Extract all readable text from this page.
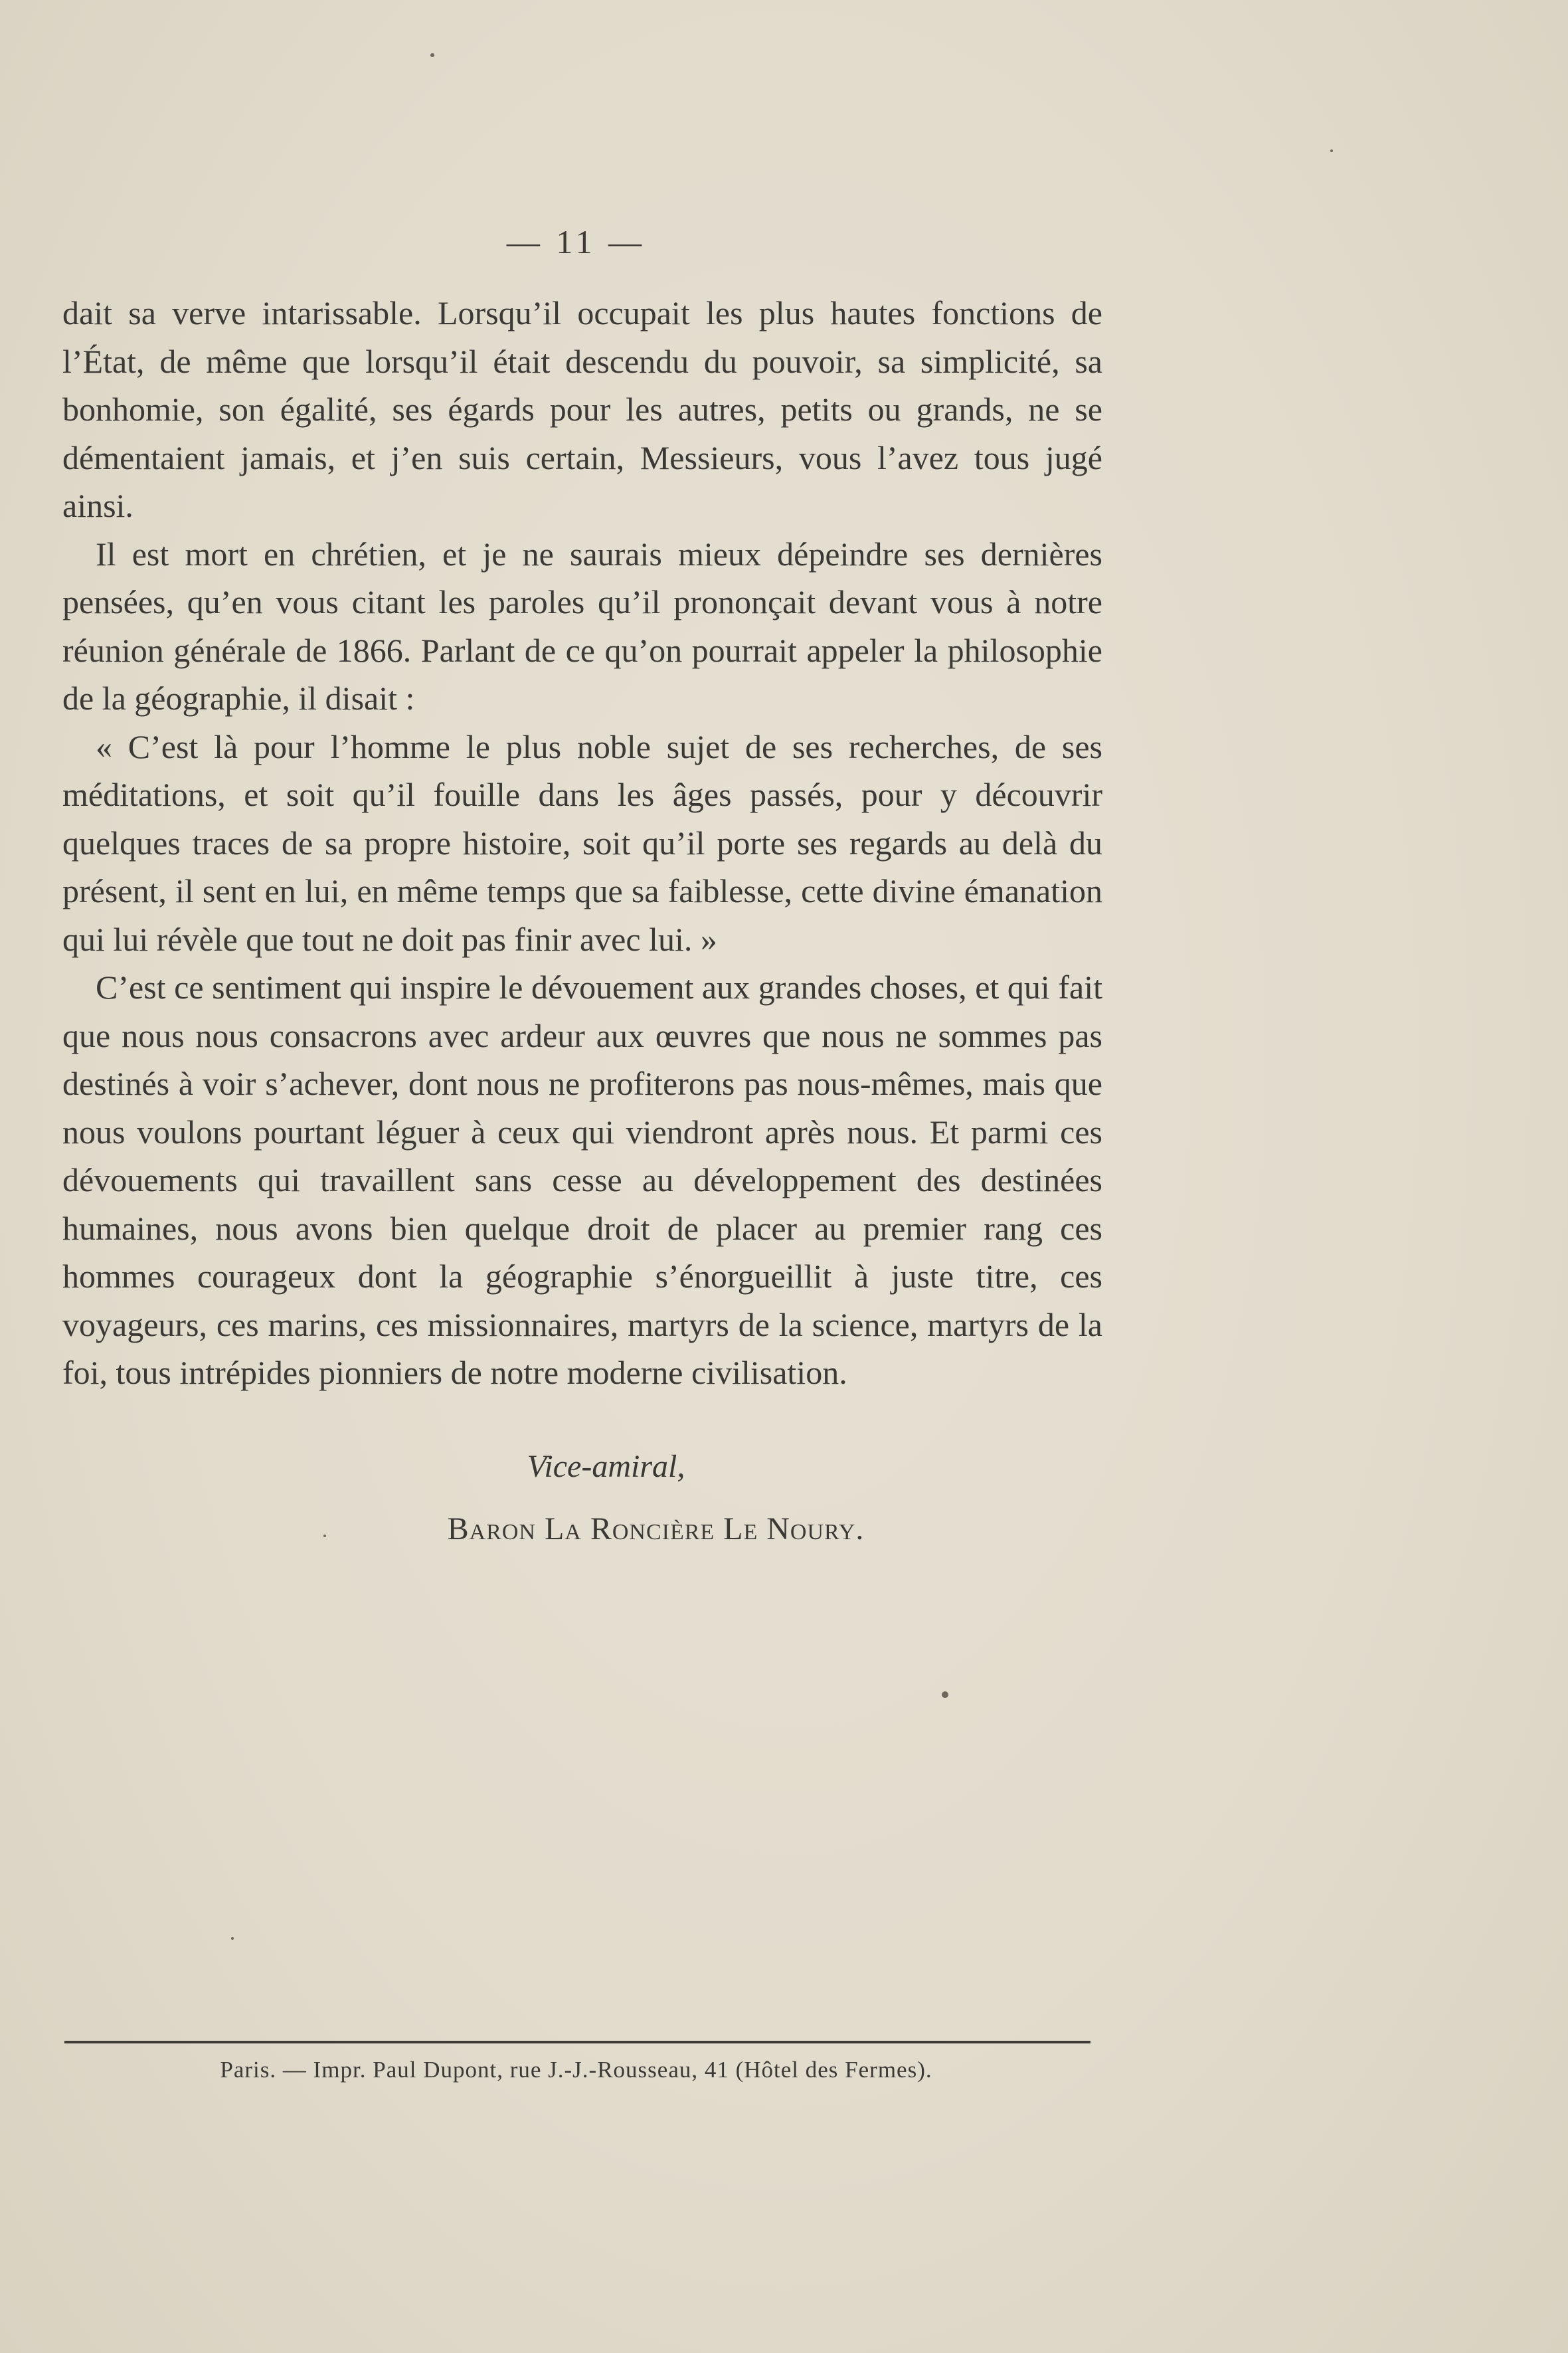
— 11 —

dait sa verve intarissable. Lorsqu’il occupait les plus hautes fonctions de l’État, de même que lorsqu’il était descendu du pouvoir, sa simplicité, sa bonhomie, son égalité, ses égards pour les autres, petits ou grands, ne se démentaient jamais, et j’en suis certain, Messieurs, vous l’avez tous jugé ainsi.

Il est mort en chrétien, et je ne saurais mieux dépeindre ses dernières pensées, qu’en vous citant les paroles qu’il prononçait devant vous à notre réunion générale de 1866. Parlant de ce qu’on pourrait appeler la philosophie de la géographie, il disait :

« C’est là pour l’homme le plus noble sujet de ses recherches, de ses méditations, et soit qu’il fouille dans les âges passés, pour y découvrir quelques traces de sa propre histoire, soit qu’il porte ses regards au delà du présent, il sent en lui, en même temps que sa faiblesse, cette divine émanation qui lui révèle que tout ne doit pas finir avec lui. »

C’est ce sentiment qui inspire le dévouement aux grandes choses, et qui fait que nous nous consacrons avec ardeur aux œuvres que nous ne sommes pas destinés à voir s’achever, dont nous ne profiterons pas nous-mêmes, mais que nous voulons pourtant léguer à ceux qui viendront après nous. Et parmi ces dévouements qui travaillent sans cesse au développement des destinées humaines, nous avons bien quelque droit de placer au premier rang ces hommes courageux dont la géographie s’énorgueillit à juste titre, ces voyageurs, ces marins, ces missionnaires, martyrs de la science, martyrs de la foi, tous intrépides pionniers de notre moderne civilisation.

Vice-amiral,
Baron La Roncière Le Noury.
Paris. — Impr. Paul Dupont, rue J.-J.-Rousseau, 41 (Hôtel des Fermes).
